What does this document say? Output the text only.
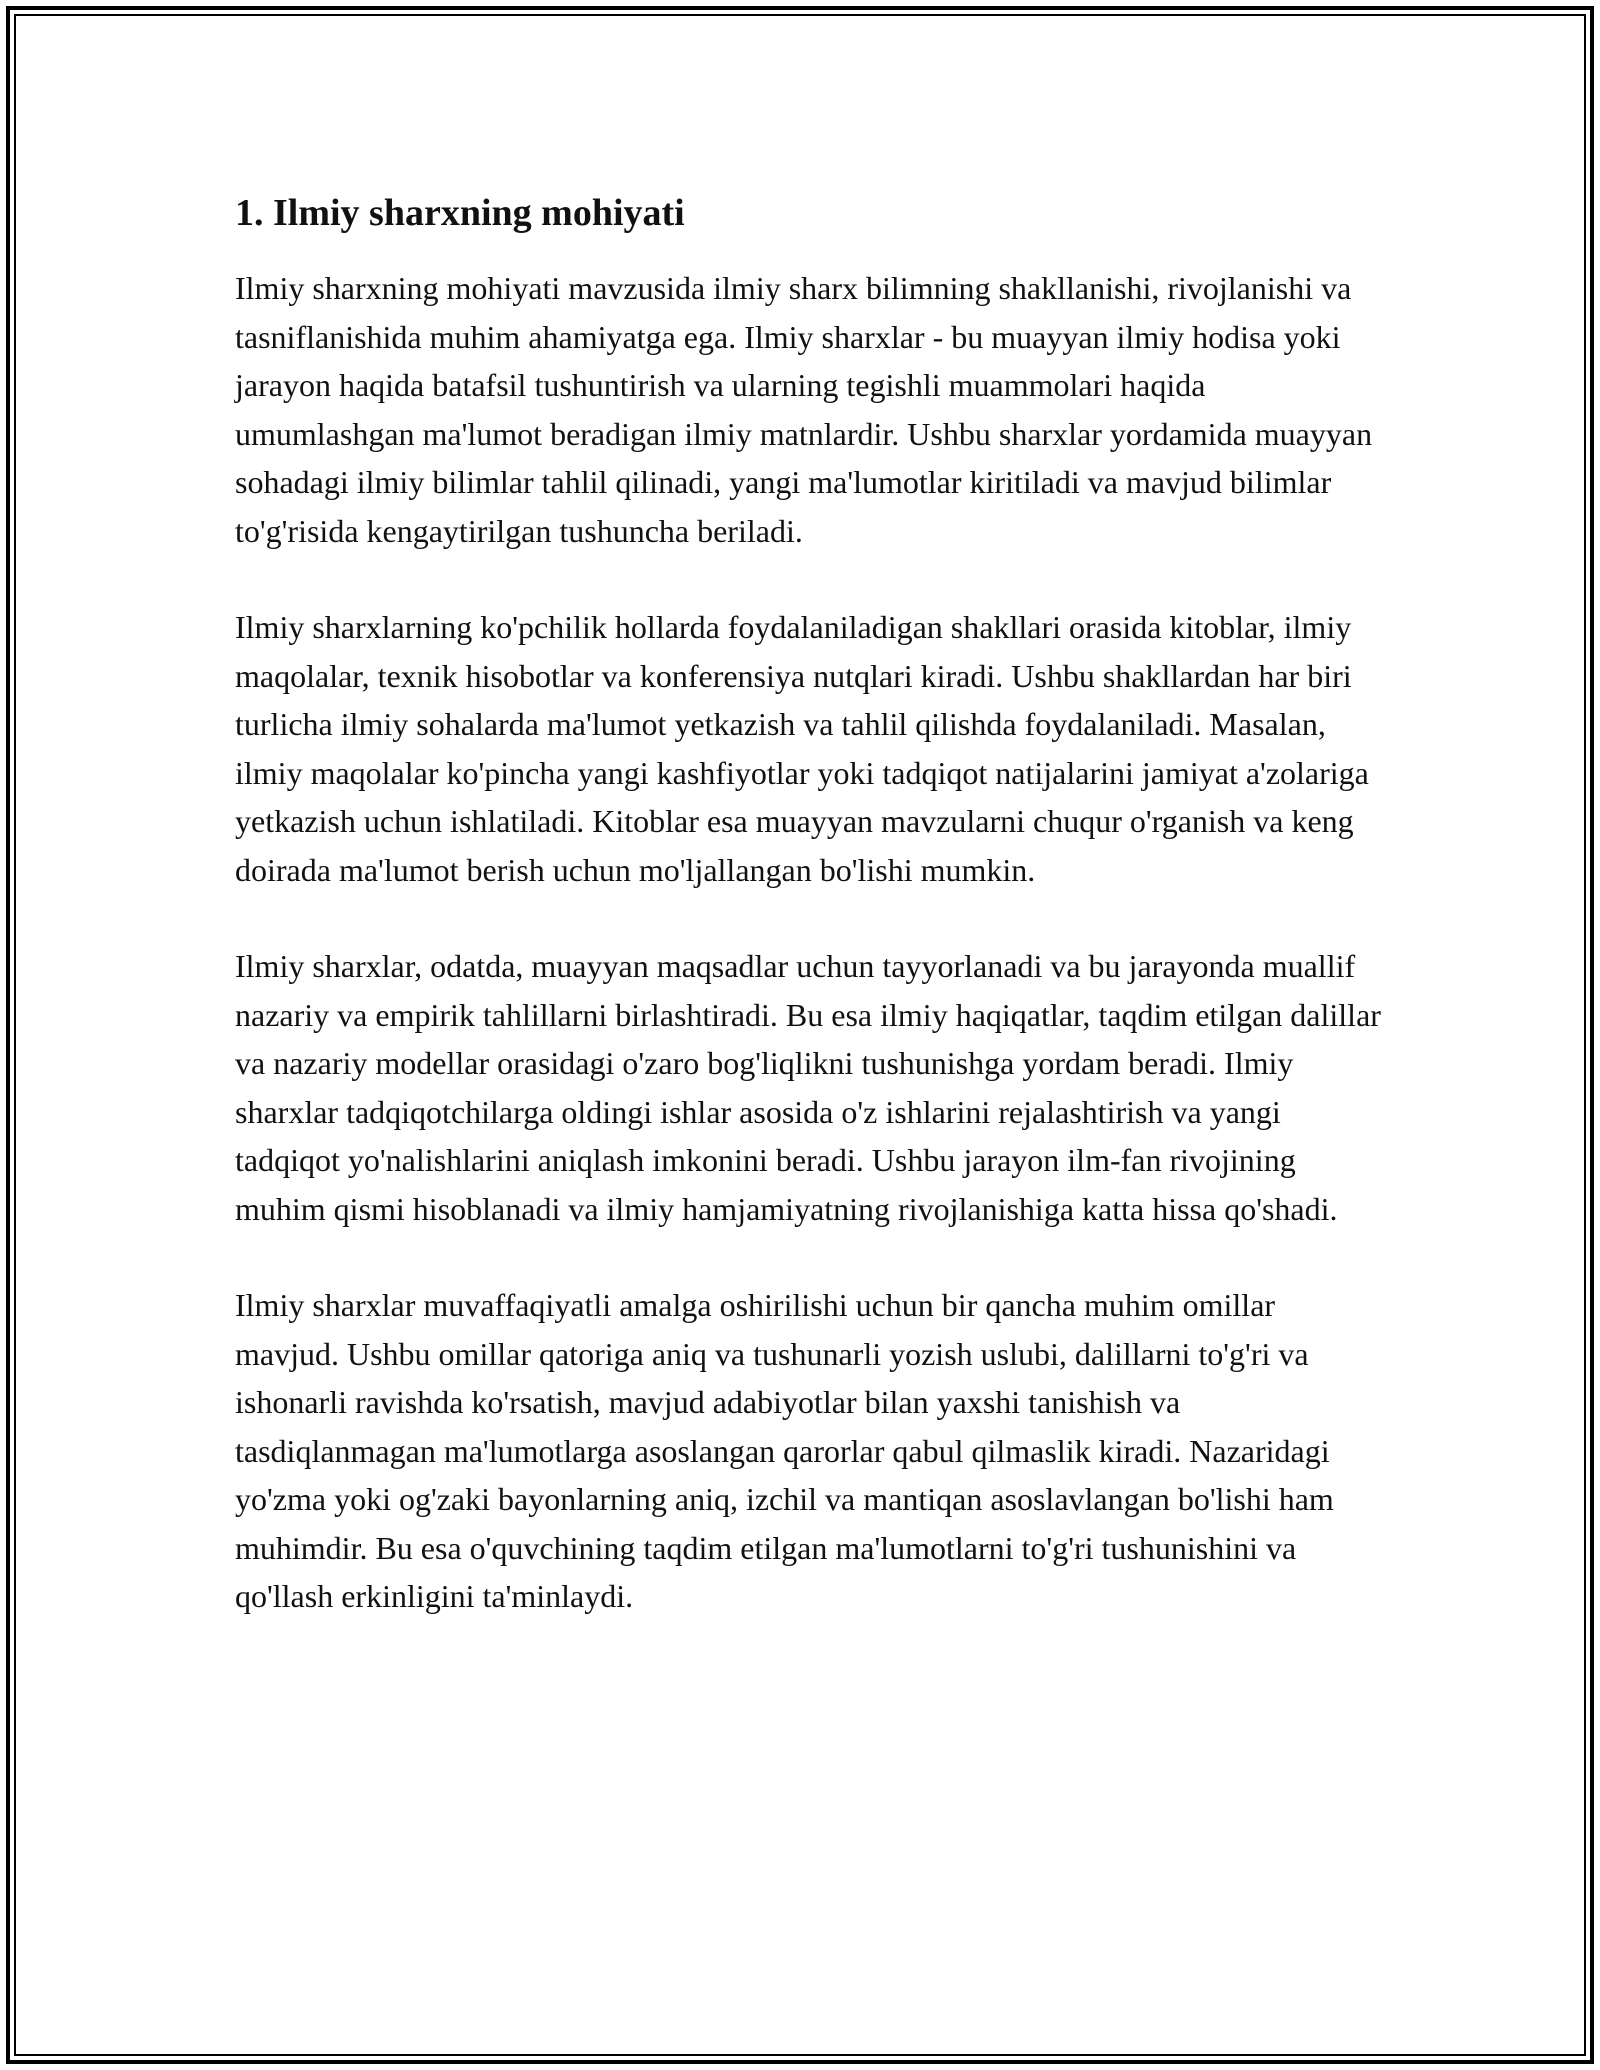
1. Ilmiy sharxning mohiyati

Ilmiy sharxning mohiyati mavzusida ilmiy sharx bilimning shakllanishi, rivojlanishi va tasniflanishida muhim ahamiyatga ega. Ilmiy sharxlar - bu muayyan ilmiy hodisa yoki jarayon haqida batafsil tushuntirish va ularning tegishli muammolari haqida umumlashgan ma'lumot beradigan ilmiy matnlardir. Ushbu sharxlar yordamida muayyan sohadagi ilmiy bilimlar tahlil qilinadi, yangi ma'lumotlar kiritiladi va mavjud bilimlar to'g'risida kengaytirilgan tushuncha beriladi.

Ilmiy sharxlarning ko'pchilik hollarda foydalaniladigan shakllari orasida kitoblar, ilmiy maqolalar, texnik hisobotlar va konferensiya nutqlari kiradi. Ushbu shakllardan har biri turlicha ilmiy sohalarda ma'lumot yetkazish va tahlil qilishda foydalaniladi. Masalan, ilmiy maqolalar ko'pincha yangi kashfiyotlar yoki tadqiqot natijalarini jamiyat a'zolariga yetkazish uchun ishlatiladi. Kitoblar esa muayyan mavzularni chuqur o'rganish va keng doirada ma'lumot berish uchun mo'ljallangan bo'lishi mumkin.

Ilmiy sharxlar, odatda, muayyan maqsadlar uchun tayyorlanadi va bu jarayonda muallif nazariy va empirik tahlillarni birlashtiradi. Bu esa ilmiy haqiqatlar, taqdim etilgan dalillar va nazariy modellar orasidagi o'zaro bog'liqlikni tushunishga yordam beradi. Ilmiy sharxlar tadqiqotchilarga oldingi ishlar asosida o'z ishlarini rejalashtirish va yangi tadqiqot yo'nalishlarini aniqlash imkonini beradi. Ushbu jarayon ilm-fan rivojining muhim qismi hisoblanadi va ilmiy hamjamiyatning rivojlanishiga katta hissa qo'shadi.

Ilmiy sharxlar muvaffaqiyatli amalga oshirilishi uchun bir qancha muhim omillar mavjud. Ushbu omillar qatoriga aniq va tushunarli yozish uslubi, dalillarni to'g'ri va ishonarli ravishda ko'rsatish, mavjud adabiyotlar bilan yaxshi tanishish va tasdiqlanmagan ma'lumotlarga asoslangan qarorlar qabul qilmaslik kiradi. Nazaridagi yo'zma yoki og'zaki bayonlarning aniq, izchil va mantiqan asoslavlangan bo'lishi ham muhimdir. Bu esa o'quvchining taqdim etilgan ma'lumotlarni to'g'ri tushunishini va qo'llash erkinligini ta'minlaydi.
